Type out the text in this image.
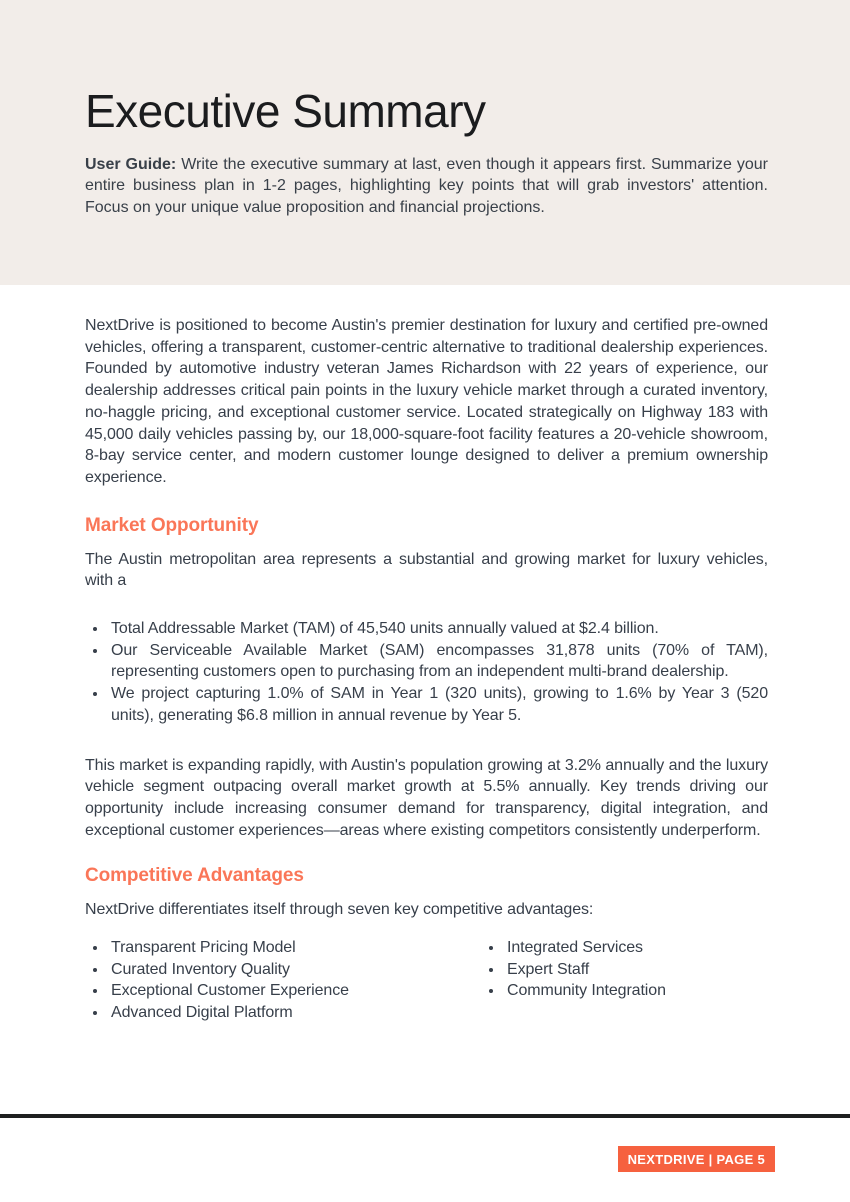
Executive Summary

User Guide: Write the executive summary at last, even though it appears first. Summarize your entire business plan in 1-2 pages, highlighting key points that will grab investors' attention. Focus on your unique value proposition and financial projections.

NextDrive is positioned to become Austin's premier destination for luxury and certified pre-owned vehicles, offering a transparent, customer-centric alternative to traditional dealership experiences. Founded by automotive industry veteran James Richardson with 22 years of experience, our dealership addresses critical pain points in the luxury vehicle market through a curated inventory, no-haggle pricing, and exceptional customer service. Located strategically on Highway 183 with 45,000 daily vehicles passing by, our 18,000-square-foot facility features a 20-vehicle showroom, 8-bay service center, and modern customer lounge designed to deliver a premium ownership experience.

Market Opportunity

The Austin metropolitan area represents a substantial and growing market for luxury vehicles, with a

Total Addressable Market (TAM) of 45,540 units annually valued at $2.4 billion.
Our Serviceable Available Market (SAM) encompasses 31,878 units (70% of TAM), representing customers open to purchasing from an independent multi-brand dealership.
We project capturing 1.0% of SAM in Year 1 (320 units), growing to 1.6% by Year 3 (520 units), generating $6.8 million in annual revenue by Year 5.

This market is expanding rapidly, with Austin's population growing at 3.2% annually and the luxury vehicle segment outpacing overall market growth at 5.5% annually. Key trends driving our opportunity include increasing consumer demand for transparency, digital integration, and exceptional customer experiences—areas where existing competitors consistently underperform.

Competitive Advantages

NextDrive differentiates itself through seven key competitive advantages:

Transparent Pricing Model
Curated Inventory Quality
Exceptional Customer Experience
Advanced Digital Platform
Integrated Services
Expert Staff
Community Integration
NEXTDRIVE | PAGE 5
